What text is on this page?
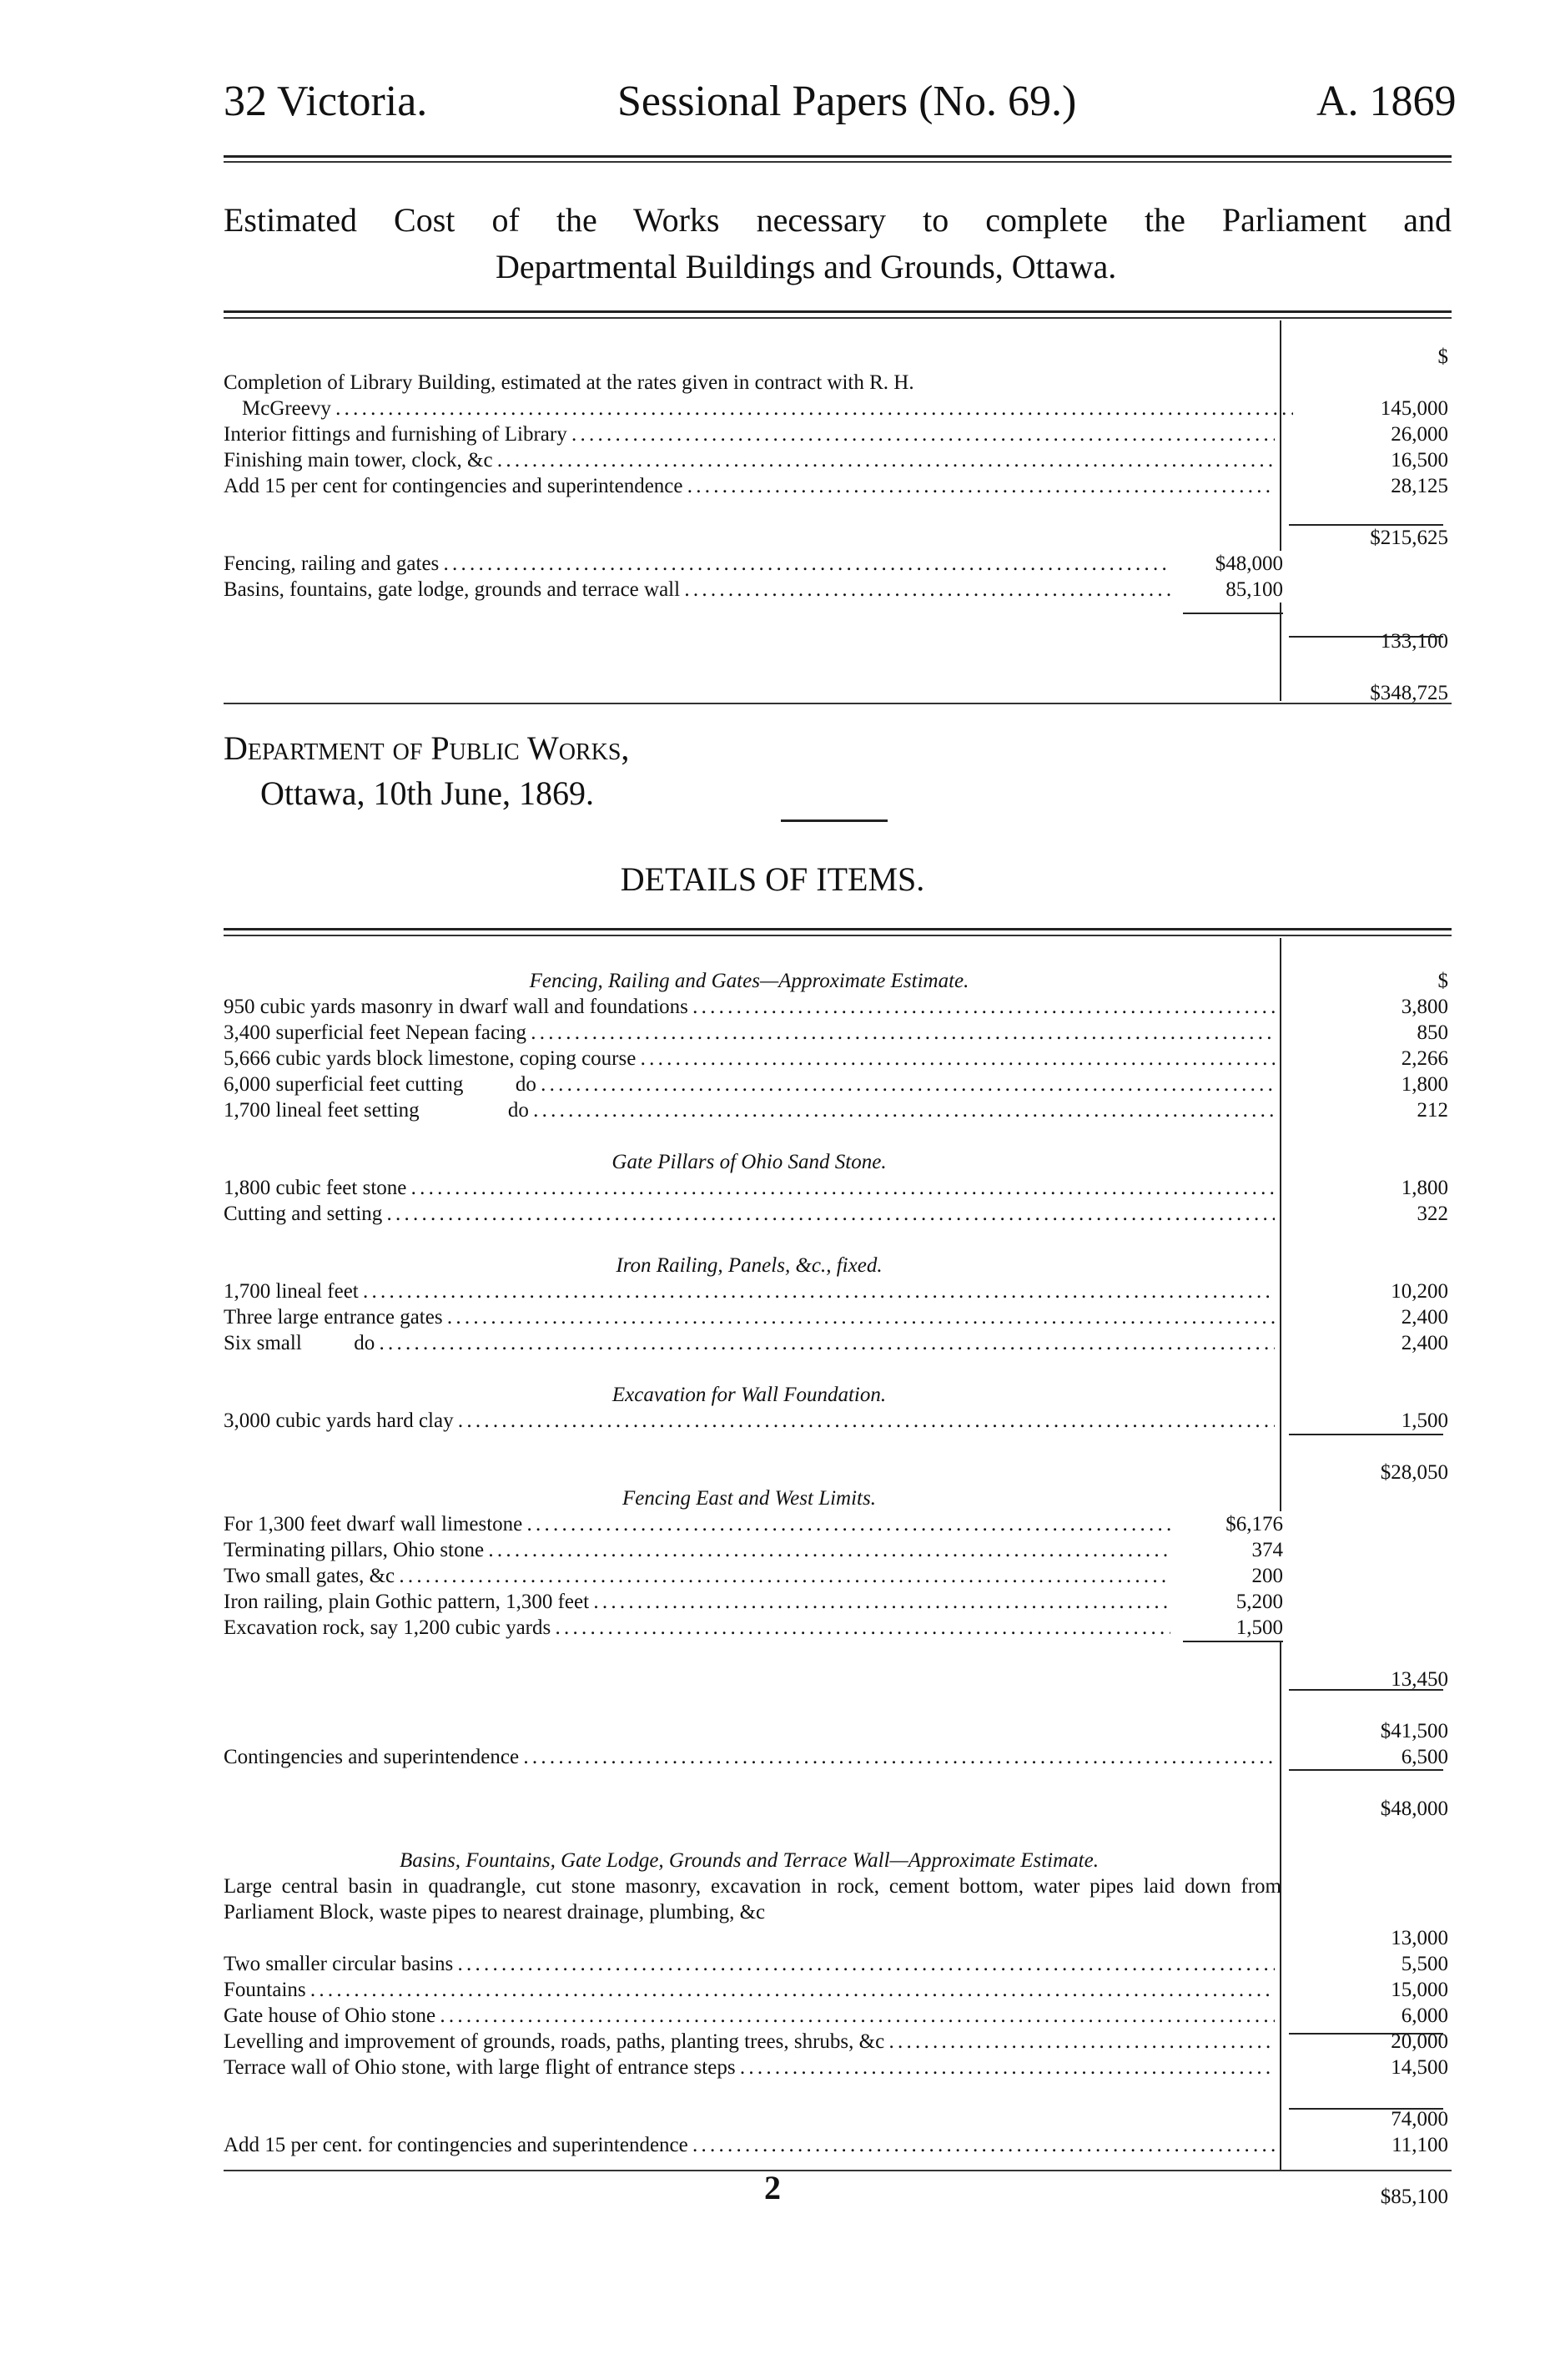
32 Victoria.	Sessional Papers (No. 69.)	A. 1869
Estimated Cost of the Works necessary to complete the Parliament and
Departmental Buildings and Grounds, Ottawa.
$
Completion of Library Building, estimated at the rates given in contract with R. H.
McGreevy . . .	145,000
Interior fittings and furnishing of Library . . .	26,000
Finishing main tower, clock, &c . . .	16,500
Add 15 per cent for contingencies and superintendence . . .	28,125
$215,625
Fencing, railing and gates . . .	$48,000
Basins, fountains, gate lodge, grounds and terrace wall . . .	85,100
133,100
$348,725
Department of Public Works,
Ottawa, 10th June, 1869.
DETAILS OF ITEMS.
Fencing, Railing and Gates—Approximate Estimate.	$
950 cubic yards masonry in dwarf wall and foundations . . .	3,800
3,400 superficial feet Nepean facing . . .	850
5,666 cubic yards block limestone, coping course . . .	2,266
6,000 superficial feet cutting          do . . .	1,800
1,700 lineal feet setting                 do . . .	212
Gate Pillars of Ohio Sand Stone.
1,800 cubic feet stone . . .	1,800
Cutting and setting . . .	322
Iron Railing, Panels, &c., fixed.
1,700 lineal feet . . .	10,200
Three large entrance gates . . .	2,400
Six small          do . . .	2,400
Excavation for Wall Foundation.
3,000 cubic yards hard clay . . .	1,500
$28,050
Fencing East and West Limits.
For 1,300 feet dwarf wall limestone . . .	$6,176
Terminating pillars, Ohio stone . . .	374
Two small gates, &c . . .	200
Iron railing, plain Gothic pattern, 1,300 feet . . .	5,200
Excavation rock, say 1,200 cubic yards . . .	1,500
13,450
$41,500
Contingencies and superintendence . . .	6,500
$48,000
Basins, Fountains, Gate Lodge, Grounds and Terrace Wall—Approximate Estimate.
Large central basin in quadrangle, cut stone masonry, excavation in rock, cement bottom, water pipes laid down from Parliament Block, waste pipes to nearest drainage, plumbing, &c
13,000
Two smaller circular basins . . .	5,500
Fountains . . .	15,000
Gate house of Ohio stone . . .	6,000
Levelling and improvement of grounds, roads, paths, planting trees, shrubs, &c . . .	20,000
Terrace wall of Ohio stone, with large flight of entrance steps . . .	14,500
74,000
Add 15 per cent. for contingencies and superintendence . . .	11,100
$85,100
2
